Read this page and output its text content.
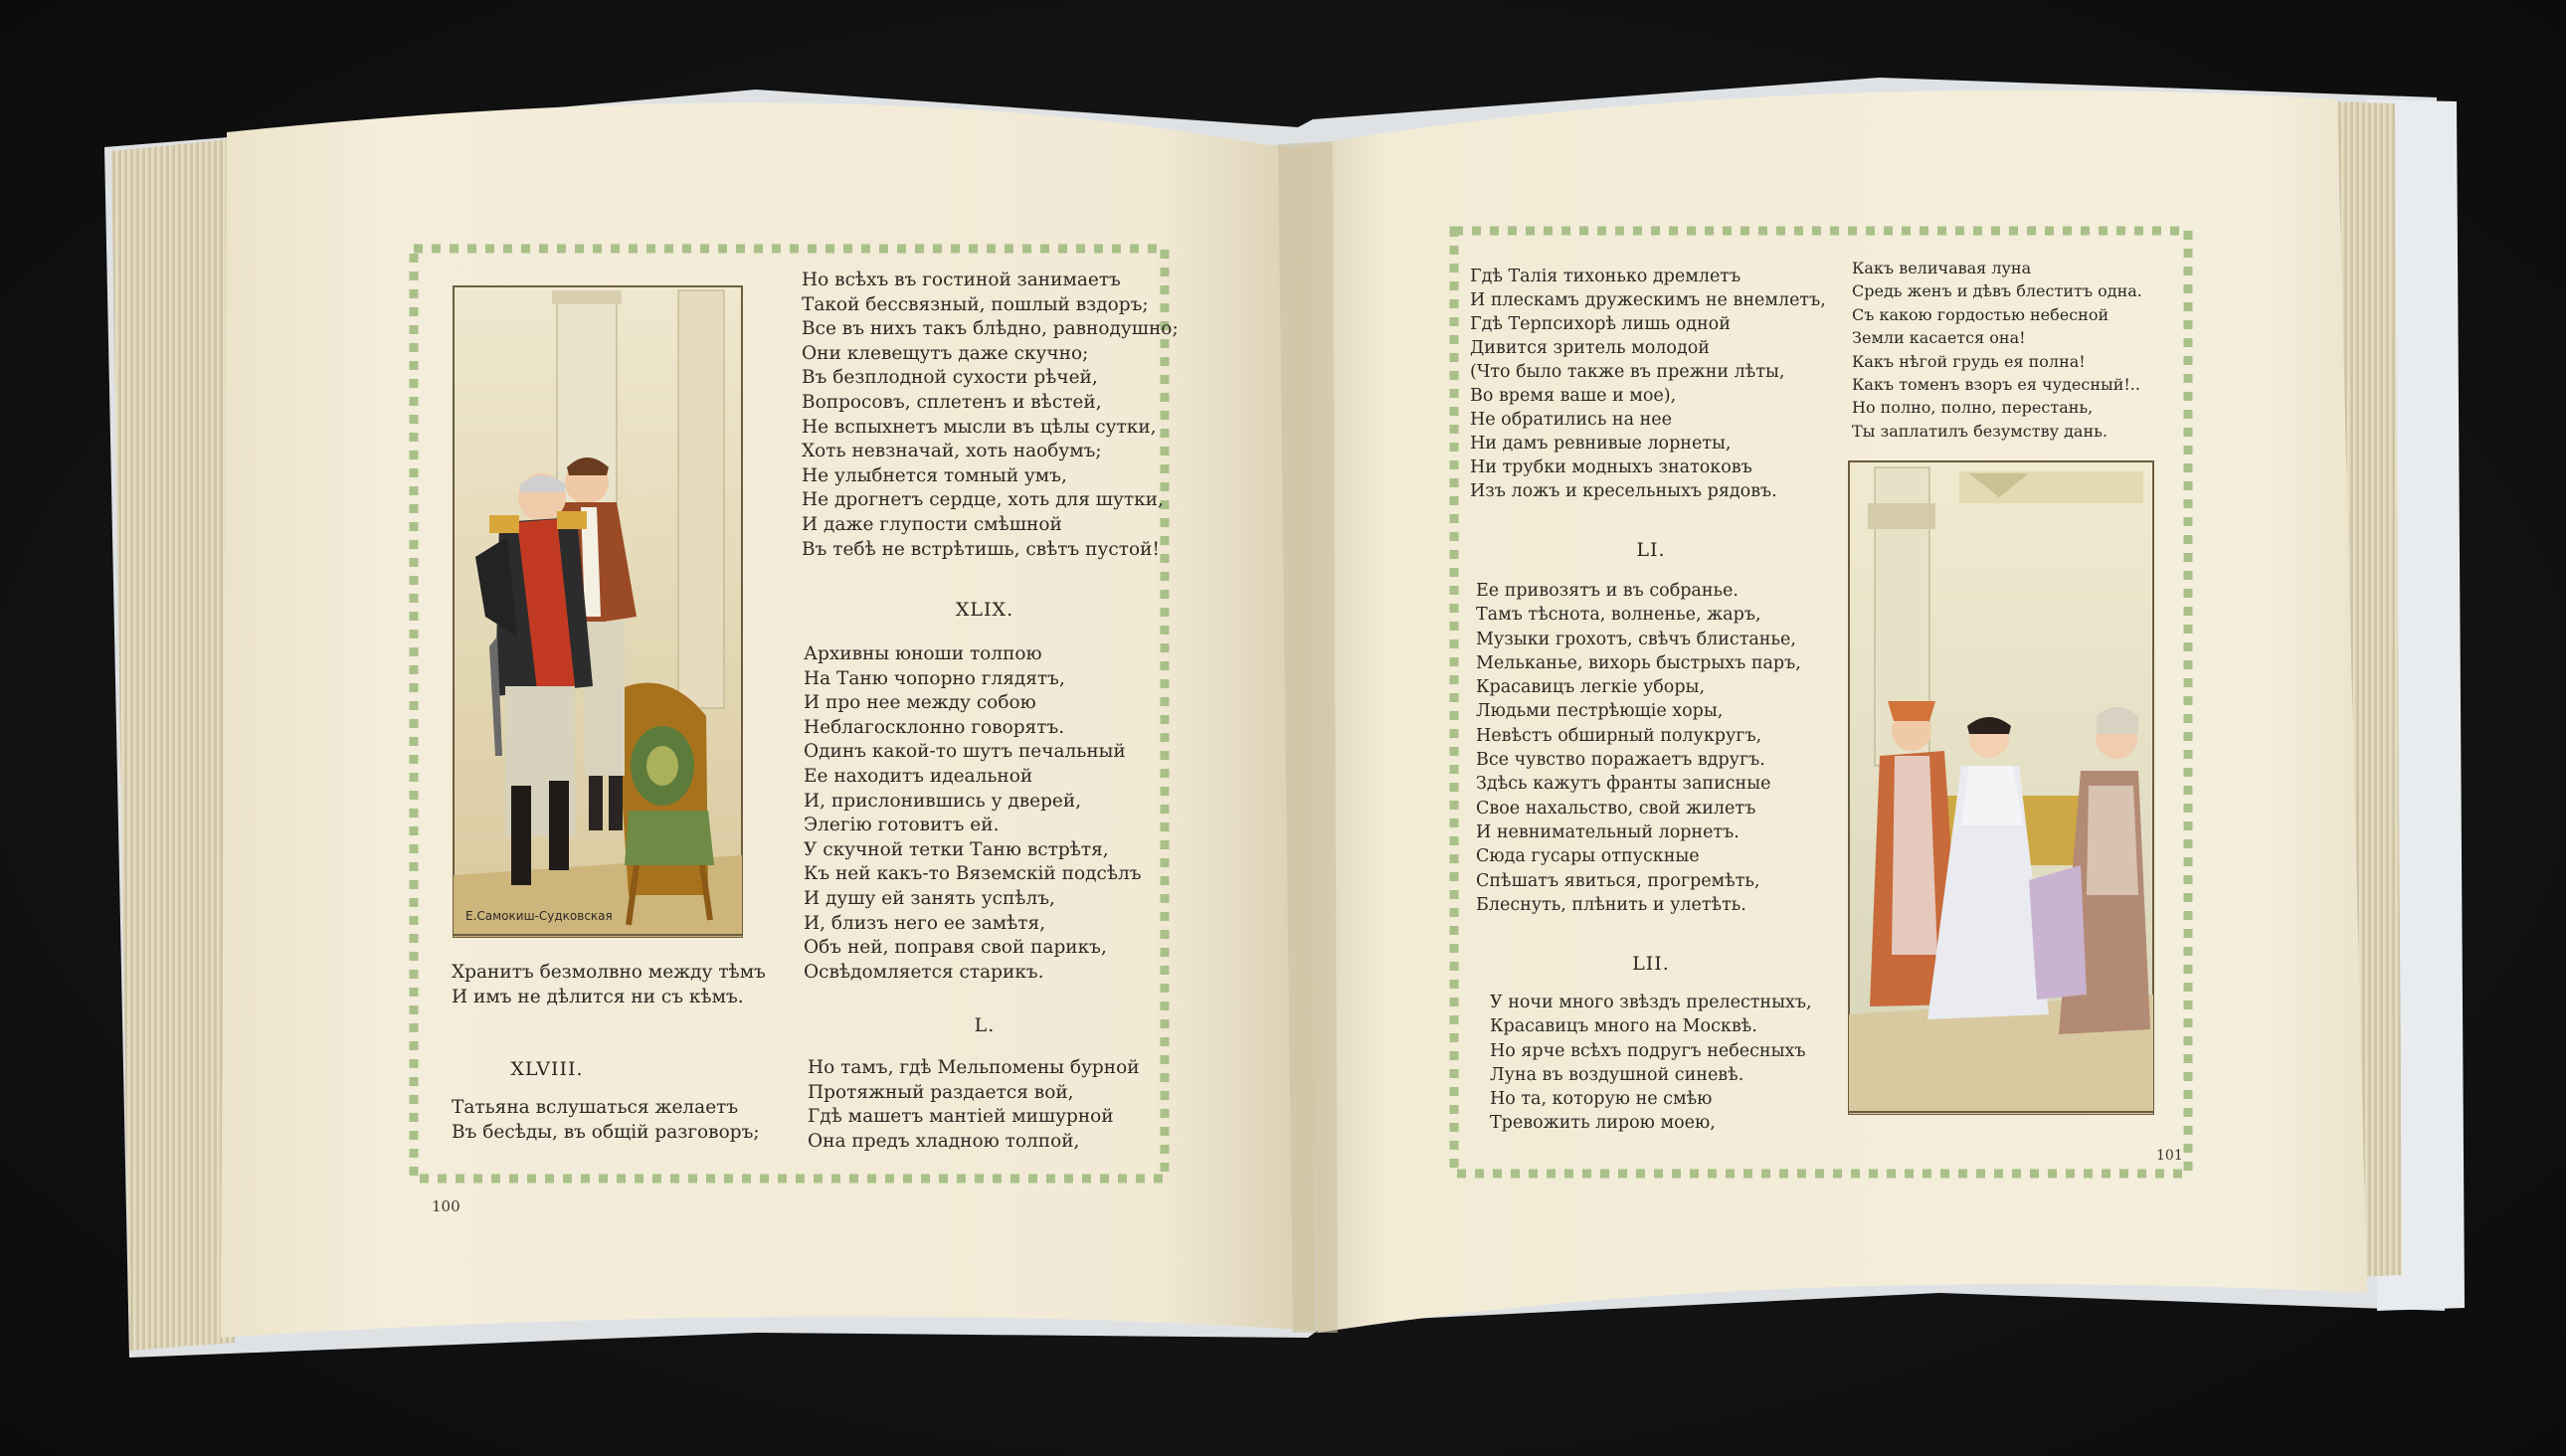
Е.Самокиш-Судковская
Но всѣхъ въ гостиной занимаетъ
Такой бессвязный, пошлый вздоръ;
Все въ нихъ такъ блѣдно, равнодушно;
Они клевещутъ даже скучно;
Въ безплодной сухости рѣчей,
Вопросовъ, сплетенъ и вѣстей,
Не вспыхнетъ мысли въ цѣлы сутки,
Хоть невзначай, хоть наобумъ;
Не улыбнется томный умъ,
Не дрогнетъ сердце, хоть для шутки,
И даже глупости смѣшной
Въ тебѣ не встрѣтишь, свѣтъ пустой!
XLIX.
Архивны юноши толпою
На Таню чопорно глядятъ,
И про нее между собою
Неблагосклонно говорятъ.
Одинъ какой-то шутъ печальный
Ее находитъ идеальной
И, прислонившись у дверей,
Элегію готовитъ ей.
У скучной тетки Таню встрѣтя,
Къ ней какъ-то Вяземскій подсѣлъ
И душу ей занять успѣлъ,
И, близъ него ее замѣтя,
Объ ней, поправя свой парикъ,
Освѣдомляется старикъ.
L.
Но тамъ, гдѣ Мельпомены бурной
Протяжный раздается вой,
Гдѣ машетъ мантіей мишурной
Она предъ хладною толпой,
Хранитъ безмолвно между тѣмъ
И имъ не дѣлится ни съ кѣмъ.
XLVIII.
Татьяна вслушаться желаетъ
Въ бесѣды, въ общій разговоръ;
100
Гдѣ Талія тихонько дремлетъ
И плескамъ дружескимъ не внемлетъ,
Гдѣ Терпсихорѣ лишь одной
Дивится зритель молодой
(Что было также въ прежни лѣты,
Во время ваше и мое),
Не обратились на нее
Ни дамъ ревнивые лорнеты,
Ни трубки модныхъ знатоковъ
Изъ ложъ и кресельныхъ рядовъ.
LI.
Ее привозятъ и въ собранье.
Тамъ тѣснота, волненье, жаръ,
Музыки грохотъ, свѣчъ блистанье,
Мельканье, вихорь быстрыхъ паръ,
Красавицъ легкіе уборы,
Людьми пестрѣющіе хоры,
Невѣстъ обширный полукругъ,
Все чувство поражаетъ вдругъ.
Здѣсь кажутъ франты записные
Свое нахальство, свой жилетъ
И невнимательный лорнетъ.
Сюда гусары отпускные
Спѣшатъ явиться, прогремѣть,
Блеснуть, плѣнить и улетѣть.
LII.
У ночи много звѣздъ прелестныхъ,
Красавицъ много на Москвѣ.
Но ярче всѣхъ подругъ небесныхъ
Луна въ воздушной синевѣ.
Но та, которую не смѣю
Тревожить лирою моею,
Какъ величавая луна
Средь женъ и дѣвъ блеститъ одна.
Съ какою гордостью небесной
Земли касается она!
Какъ нѣгой грудь ея полна!
Какъ томенъ взоръ ея чудесный!..
Но полно, полно, перестань,
Ты заплатилъ безумству дань.
101
